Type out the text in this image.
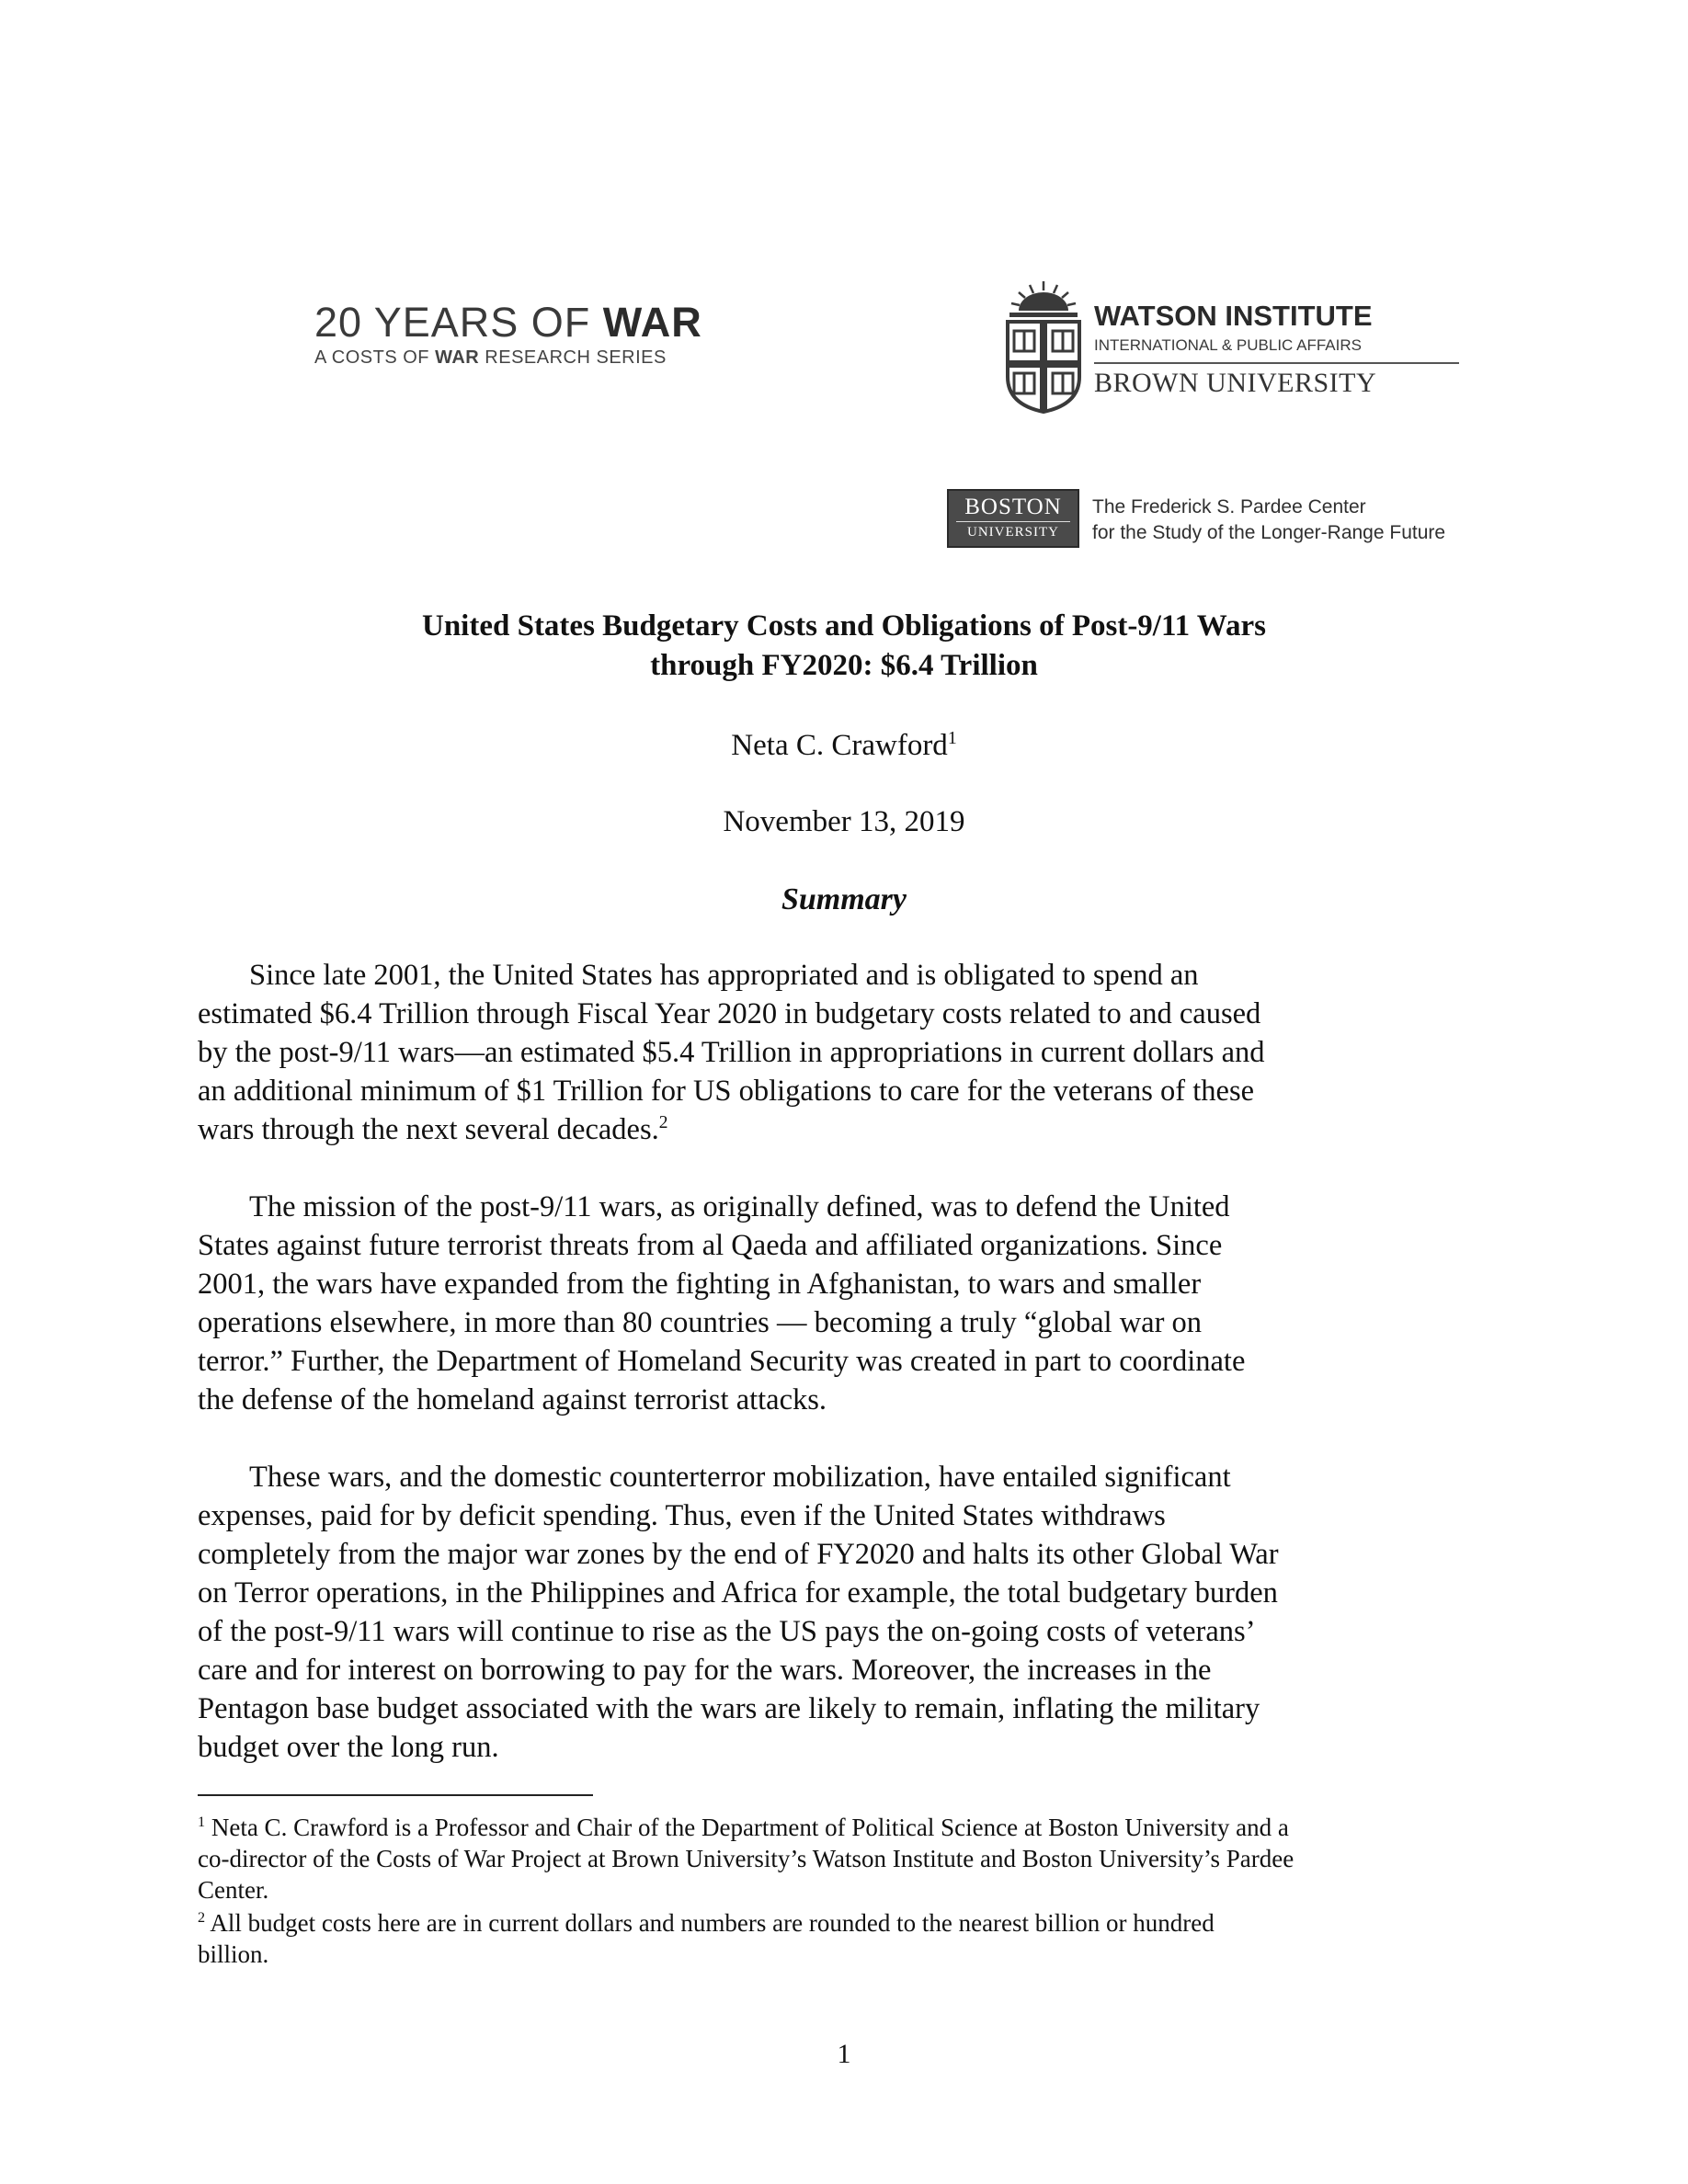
20 YEARS OF WAR
A COSTS OF WAR RESEARCH SERIES
WATSON INSTITUTE
INTERNATIONAL & PUBLIC AFFAIRS
BROWN UNIVERSITY
BOSTON
UNIVERSITY
The Frederick S. Pardee Center
for the Study of the Longer-Range Future
United States Budgetary Costs and Obligations of Post-9/11 Wars
through FY2020: $6.4 Trillion
Neta C. Crawford$^1$
November 13, 2019
Summary

Since late 2001, the United States has appropriated and is obligated to spend an
estimated $6.4 Trillion through Fiscal Year 2020 in budgetary costs related to and caused
by the post-9/11 wars—an estimated $5.4 Trillion in appropriations in current dollars and
an additional minimum of $1 Trillion for US obligations to care for the veterans of these
wars through the next several decades.$^2$

The mission of the post-9/11 wars, as originally defined, was to defend the United
States against future terrorist threats from al Qaeda and affiliated organizations. Since
2001, the wars have expanded from the fighting in Afghanistan, to wars and smaller
operations elsewhere, in more than 80 countries — becoming a truly “global war on
terror.” Further, the Department of Homeland Security was created in part to coordinate
the defense of the homeland against terrorist attacks.

These wars, and the domestic counterterror mobilization, have entailed significant
expenses, paid for by deficit spending. Thus, even if the United States withdraws
completely from the major war zones by the end of FY2020 and halts its other Global War
on Terror operations, in the Philippines and Africa for example, the total budgetary burden
of the post-9/11 wars will continue to rise as the US pays the on-going costs of veterans’
care and for interest on borrowing to pay for the wars. Moreover, the increases in the
Pentagon base budget associated with the wars are likely to remain, inflating the military
budget over the long run.

$^1$ Neta C. Crawford is a Professor and Chair of the Department of Political Science at Boston University and a
co-director of the Costs of War Project at Brown University’s Watson Institute and Boston University’s Pardee
Center.

$^2$ All budget costs here are in current dollars and numbers are rounded to the nearest billion or hundred
billion.

1
